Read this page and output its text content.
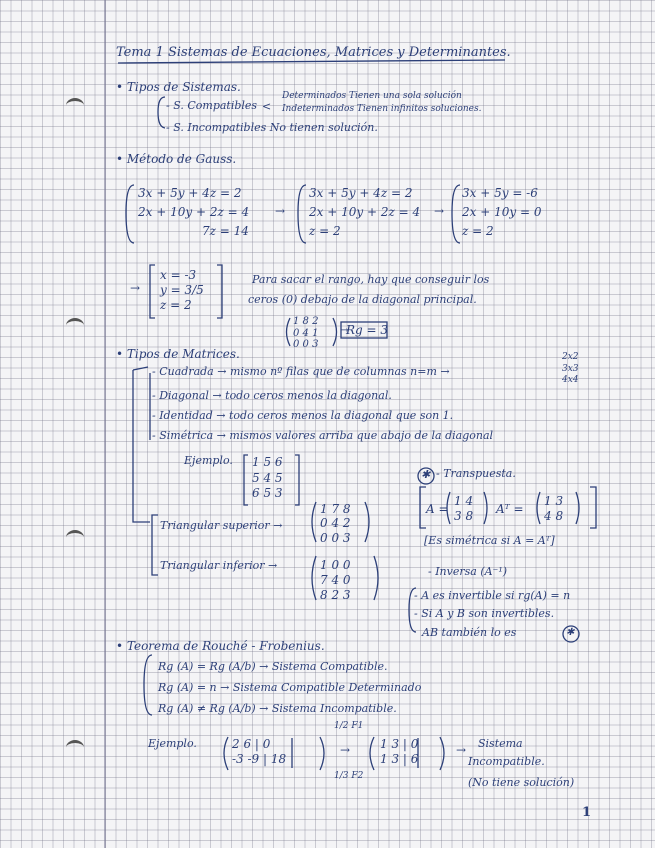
Tema 1 Sistemas de Ecuaciones, Matrices y Determinantes.
• Tipos de Sistemas.
- S. Compatibles <
Determinados Tienen una sola solución
Indeterminados Tienen infinitos soluciones.
- S. Incompatibles No tienen solución.
• Método de Gauss.
3x + 5y + 4z = 2
2x + 10y + 2z = 4
7z = 14
→
3x + 5y + 4z = 2
2x + 10y + 2z = 4
z = 2
→
3x + 5y = -6
2x + 10y = 0
z = 2
→
x = -3
y = 3/5
z = 2
Para sacar el rango, hay que conseguir los
ceros (0) debajo de la diagonal principal.
1 8 2
0 4 1
0 0 3
→
Rg = 3
• Tipos de Matrices.
- Cuadrada → mismo nº filas que de columnas n=m →
2x2
3x3
4x4
- Diagonal → todo ceros menos la diagonal.
- Identidad → todo ceros menos la diagonal que son 1.
- Simétrica → mismos valores arriba que abajo de la diagonal
Ejemplo. 1 5 6
5 4 5
6 5 3
Triangular superior →
1 7 8
0 4 2
0 0 3
Triangular inferior →	1 0 0
7 4 0
8 2 3
✱ - Transpuesta.
A =
1 4
3 8 Aᵀ =
1 3
4 8
[Es simétrica si A = Aᵀ]
- Inversa (A⁻¹)
- A es invertible si rg(A) = n
- Si A y B son invertibles.
AB también lo es	✱
• Teorema de Rouché - Frobenius.
Rg (A) = Rg (A/b) → Sistema Compatible.
Rg (A) = n → Sistema Compatible Determinado
Rg (A) ≠ Rg (A/b) → Sistema Incompatible.
Ejemplo.	2 6 | 0
-3 -9 | 18
1/2 F1
→
1/3 F2
1 3 | 0
1 3 | 6
→ Sistema
Incompatible.
(No tiene solución)
1
